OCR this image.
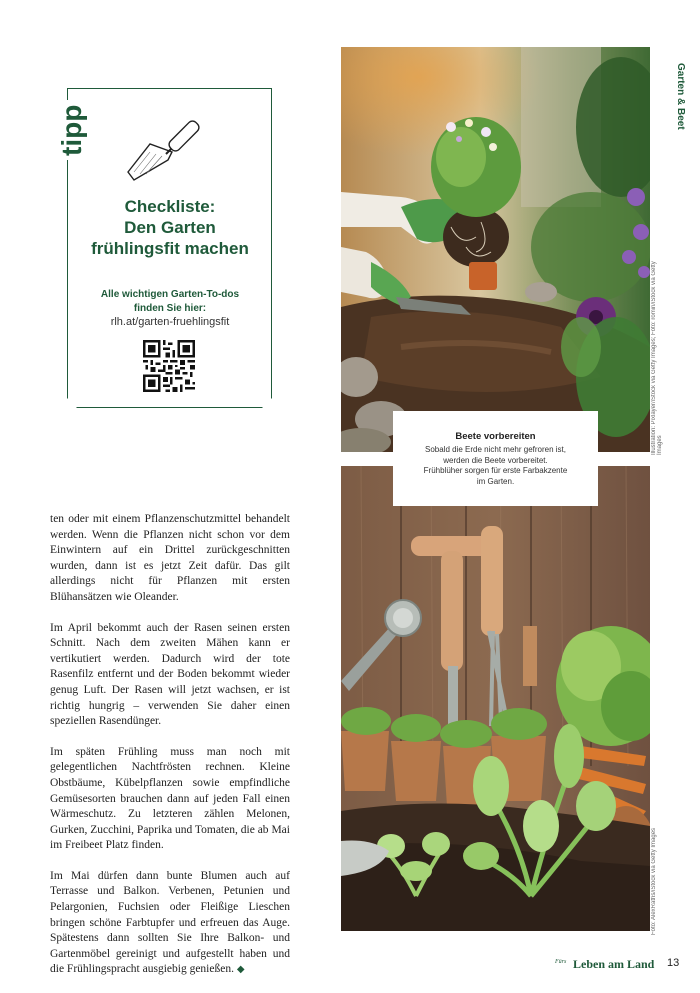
tipp
Checkliste:
Den Garten
frühlingsfit machen
Alle wichtigen Garten-To-dos
finden Sie hier:
rlh.at/garten-fruehlingsfit
Garten & Beet
Illustration: Pixlayer/iStock via Getty Images; Foto: romiri/iStock via Getty Images
Foto: AlexRaths/iStock via Getty Images
Beete vorbereiten
Sobald die Erde nicht mehr gefroren ist,
werden die Beete vorbereitet.
Frühblüher sorgen für erste Farbakzente
im Garten.

ten oder mit einem Pflanzenschutzmittel behandelt werden. Wenn die Pflanzen nicht schon vor dem Einwintern auf ein Drittel zurückgeschnitten wurden, dann ist es jetzt Zeit dafür. Das gilt allerdings nicht für Pflanzen mit ersten Blühansätzen wie Oleander.

Im April bekommt auch der Rasen seinen ersten Schnitt. Nach dem zweiten Mähen kann er vertikutiert werden. Dadurch wird der tote Rasenfilz entfernt und der Boden bekommt wieder genug Luft. Der Rasen will jetzt wachsen, er ist richtig hungrig – verwenden Sie daher einen speziellen Rasendünger.

Im späten Frühling muss man noch mit gelegentlichen Nachtfrösten rechnen. Kleine Obstbäume, Kübelpflanzen sowie empfindliche Gemüsesorten brauchen dann auf jeden Fall einen Wärmeschutz. Zu letzteren zählen Melonen, Gurken, Zucchini, Paprika und Tomaten, die ab Mai im Freibeet Platz finden.

Im Mai dürfen dann bunte Blumen auch auf Terrasse und Balkon. Verbenen, Petunien und Pelargonien, Fuchsien oder Fleißige Lieschen bringen schöne Farbtupfer und erfreuen das Auge. Spätestens dann sollten Sie Ihre Balkon- und Gartenmöbel gereinigt und aufgestellt haben und die Frühlingspracht ausgiebig genießen. ◆

Fürs Leben am Land 13
